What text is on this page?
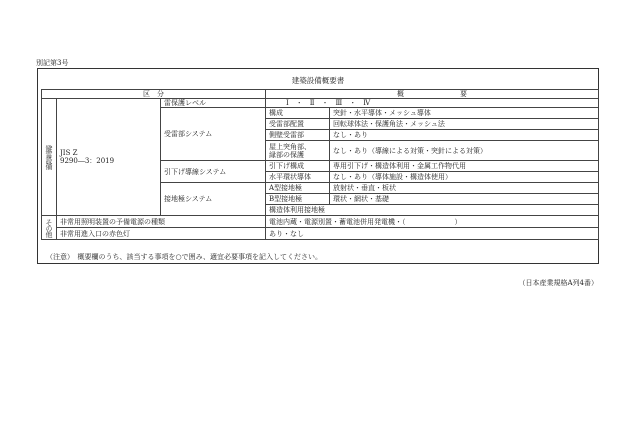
別記第3号
建築設備概要書
区　分			概　　　　　　　　要	
避雷設備	JIS Z
9290―3：2019	雷保護レベル	Ⅰ　・　Ⅱ　・　Ⅲ　・　Ⅳ	
		受雷部システム	構成	突針・水平導体・メッシュ導体
			受雷部配置	回転球体法・保護角法・メッシュ法
			側壁受雷部	なし・あり
			屋上突角部、
縁部の保護	なし・あり（導線による対策・突針による対策）
		引下げ導線システム	引下げ構成	専用引下げ・構造体利用・金属工作物代用
			水平環状導体	なし・あり（導体施設・構造体使用）
		接地極システム	A型接地極	放射状・垂直・板状
			B型接地極	環状・網状・基礎
			構造体利用接地極	
その他	非常用照明装置の予備電源の種類		電池内蔵・電源別置・蓄電池併用発電機・（　　　　　　　）	
	非常用進入口の赤色灯		あり・なし	
（注意）　概要欄のうち、該当する事項を○で囲み、適宜必要事項を記入してください。
（日本産業規格A列4番）
